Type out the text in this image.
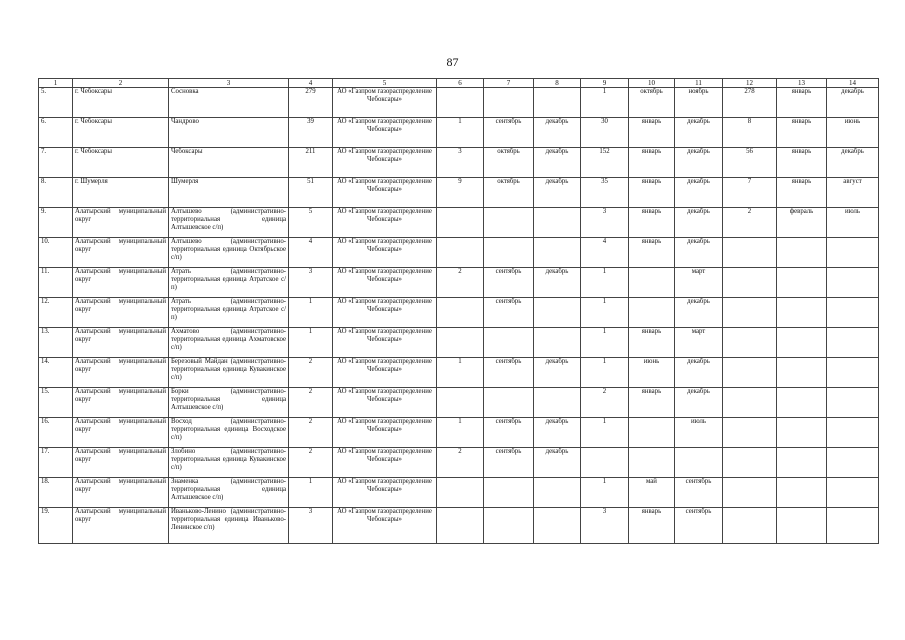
87
1	2	3	4	5	6	7	8	9	10	11	12	13	14
5.	г. Чебоксары	Сосновка	279	АО «Газпром газораспределение Чебоксары»				1	октябрь	ноябрь	278	январь	декабрь
6.	г. Чебоксары	Чандрово	39	АО «Газпром газораспределение Чебоксары»	1	сентябрь	декабрь	30	январь	декабрь	8	январь	июнь
7.	г. Чебоксары	Чебоксары	211	АО «Газпром газораспределение Чебоксары»	3	октябрь	декабрь	152	январь	декабрь	56	январь	декабрь
8.	г. Шумерля	Шумерля	51	АО «Газпром газораспределение Чебоксары»	9	октябрь	декабрь	35	январь	декабрь	7	январь	август
9.	Алатырский муниципальный округ	Алтышево (административно-территориальная единица Алтышевское с/п)	5	АО «Газпром газораспределение Чебоксары»				3	январь	декабрь	2	февраль	июль
10.	Алатырский муниципальный округ	Алтышево (административно-территориальная единица Октябрьское с/п)	4	АО «Газпром газораспределение Чебоксары»				4	январь	декабрь			
11.	Алатырский муниципальный округ	Атрать (административно-территориальная единица Атратское с/п)	3	АО «Газпром газораспределение Чебоксары»	2	сентябрь	декабрь	1		март			
12.	Алатырский муниципальный округ	Атрать (административно-территориальная единица Атратское с/п)	1	АО «Газпром газораспределение Чебоксары»		сентябрь		1		декабрь			
13.	Алатырский муниципальный округ	Ахматово (административно-территориальная единица Ахматовское с/п)	1	АО «Газпром газораспределение Чебоксары»				1	январь	март			
14.	Алатырский муниципальный округ	Березовый Майдан (административно-территориальная единица Кувакинское с/п)	2	АО «Газпром газораспределение Чебоксары»	1	сентябрь	декабрь	1	июнь	декабрь			
15.	Алатырский муниципальный округ	Борки (административно-территориальная единица Алтышевское с/п)	2	АО «Газпром газораспределение Чебоксары»				2	январь	декабрь			
16.	Алатырский муниципальный округ	Восход (административно-территориальная единица Восходское с/п)	2	АО «Газпром газораспределение Чебоксары»	1	сентябрь	декабрь	1		июль			
17.	Алатырский муниципальный округ	Злобино (административно-территориальная единица Кувакинское с/п)	2	АО «Газпром газораспределение Чебоксары»	2	сентябрь	декабрь						
18.	Алатырский муниципальный округ	Знаменка (административно-территориальная единица Алтышевское с/п)	1	АО «Газпром газораспределение Чебоксары»				1	май	сентябрь			
19.	Алатырский муниципальный округ	Иваньково-Ленино (административно-территориальная единица Иваньково-Ленинское с/п)	3	АО «Газпром газораспределение Чебоксары»				3	январь	сентябрь			
